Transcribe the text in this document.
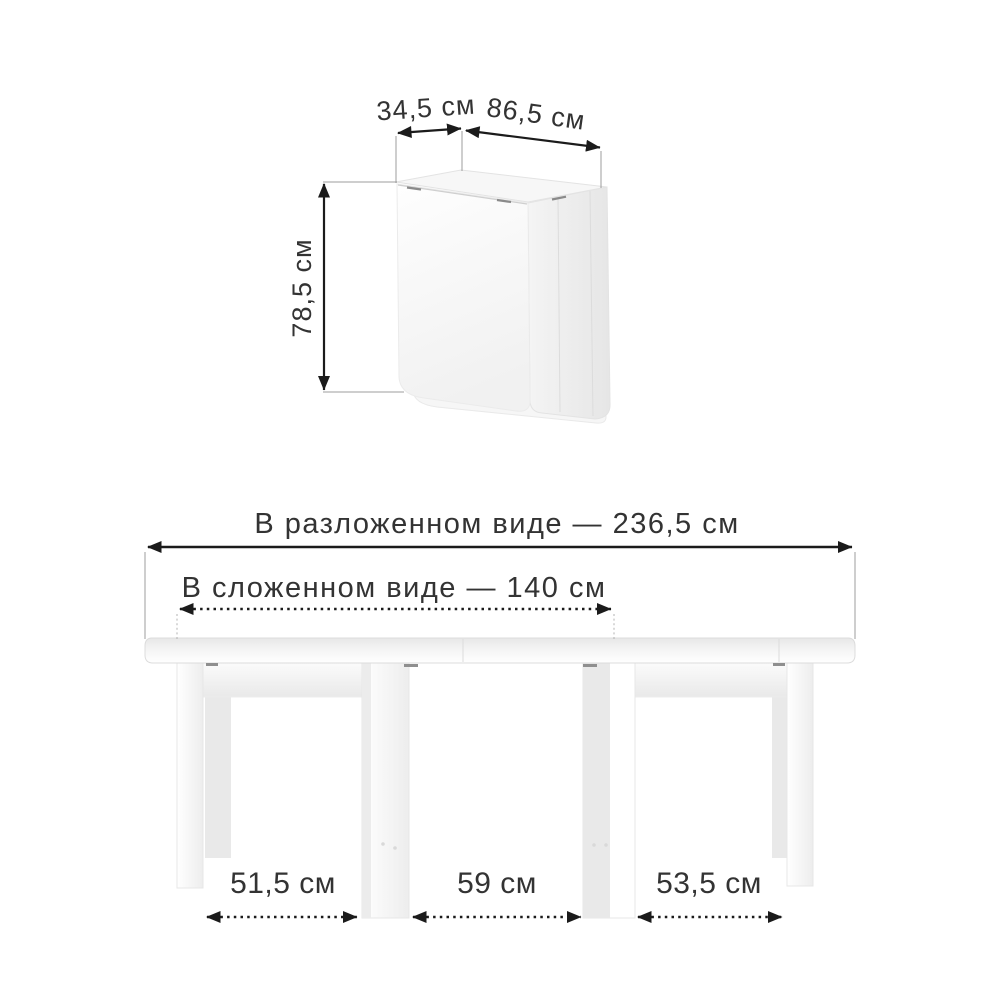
34,5 см 86,5 см
78,5 см
В разложенном виде — 236,5 см
В сложенном виде — 140 см
51,5 см	59 см	53,5 см
